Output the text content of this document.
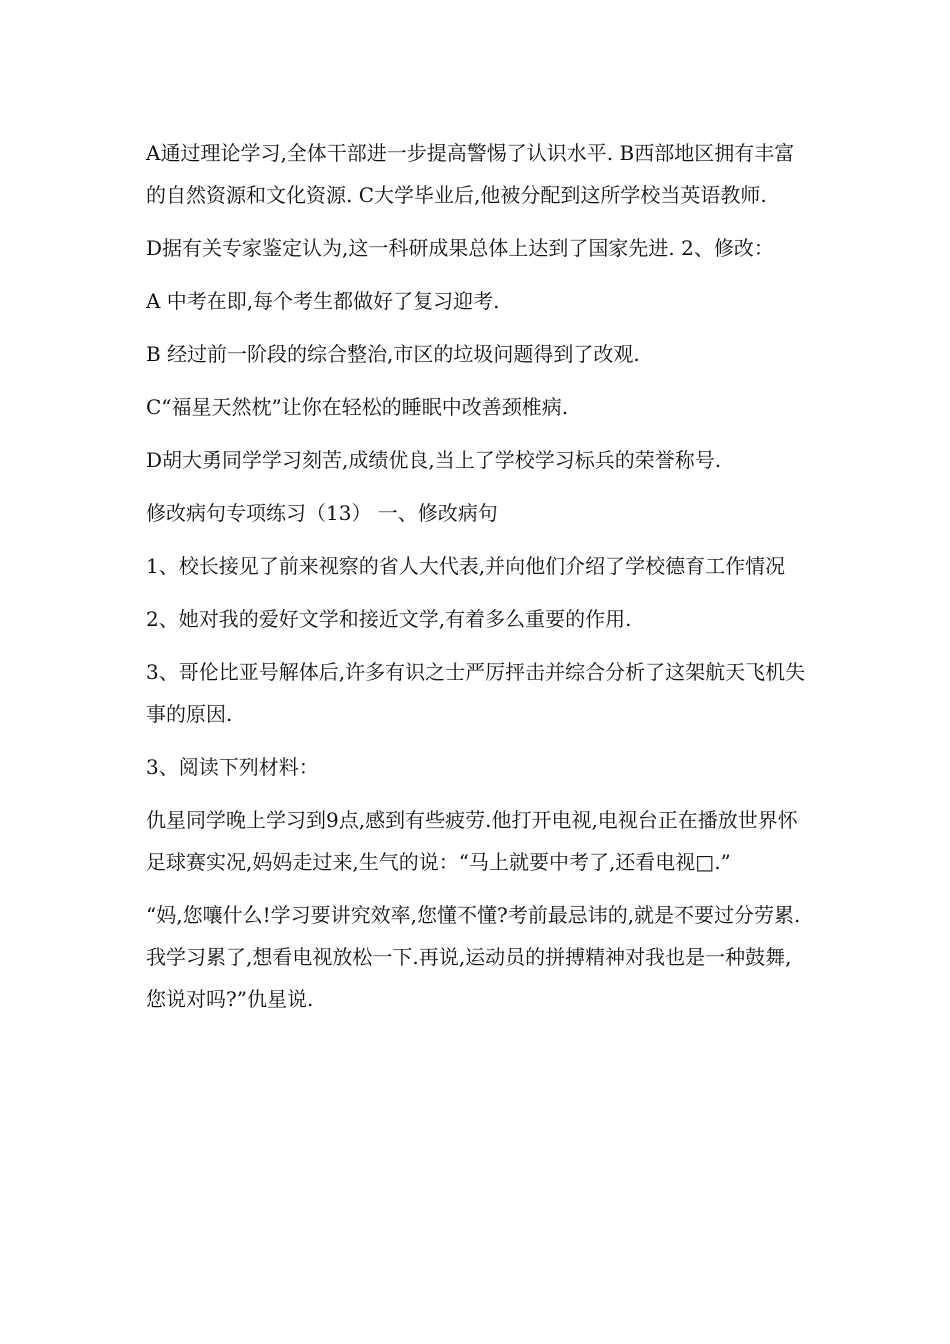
A通过理论学习,全体干部进一步提高警惕了认识水平. B西部地区拥有丰富的自然资源和文化资源. C大学毕业后,他被分配到这所学校当英语教师.

D据有关专家鉴定认为,这一科研成果总体上达到了国家先进. 2、修改：

A 中考在即,每个考生都做好了复习迎考.

B 经过前一阶段的综合整治,市区的垃圾问题得到了改观.

C“福星天然枕”让你在轻松的睡眠中改善颈椎病.

D胡大勇同学学习刻苦,成绩优良,当上了学校学习标兵的荣誉称号.

修改病句专项练习（13） 一、修改病句

1、校长接见了前来视察的省人大代表,并向他们介绍了学校德育工作情况

2、她对我的爱好文学和接近文学,有着多么重要的作用.

3、哥伦比亚号解体后,许多有识之士严厉抨击并综合分析了这架航天飞机失事的原因.

3、阅读下列材料：

仇星同学晚上学习到9点,感到有些疲劳.他打开电视,电视台正在播放世界怀足球赛实况,妈妈走过来,生气的说：“马上就要中考了,还看电视□.”

“妈,您嚷什么!学习要讲究效率,您懂不懂?考前最忌讳的,就是不要过分劳累.我学习累了,想看电视放松一下.再说,运动员的拼搏精神对我也是一种鼓舞,您说对吗?”仇星说.
